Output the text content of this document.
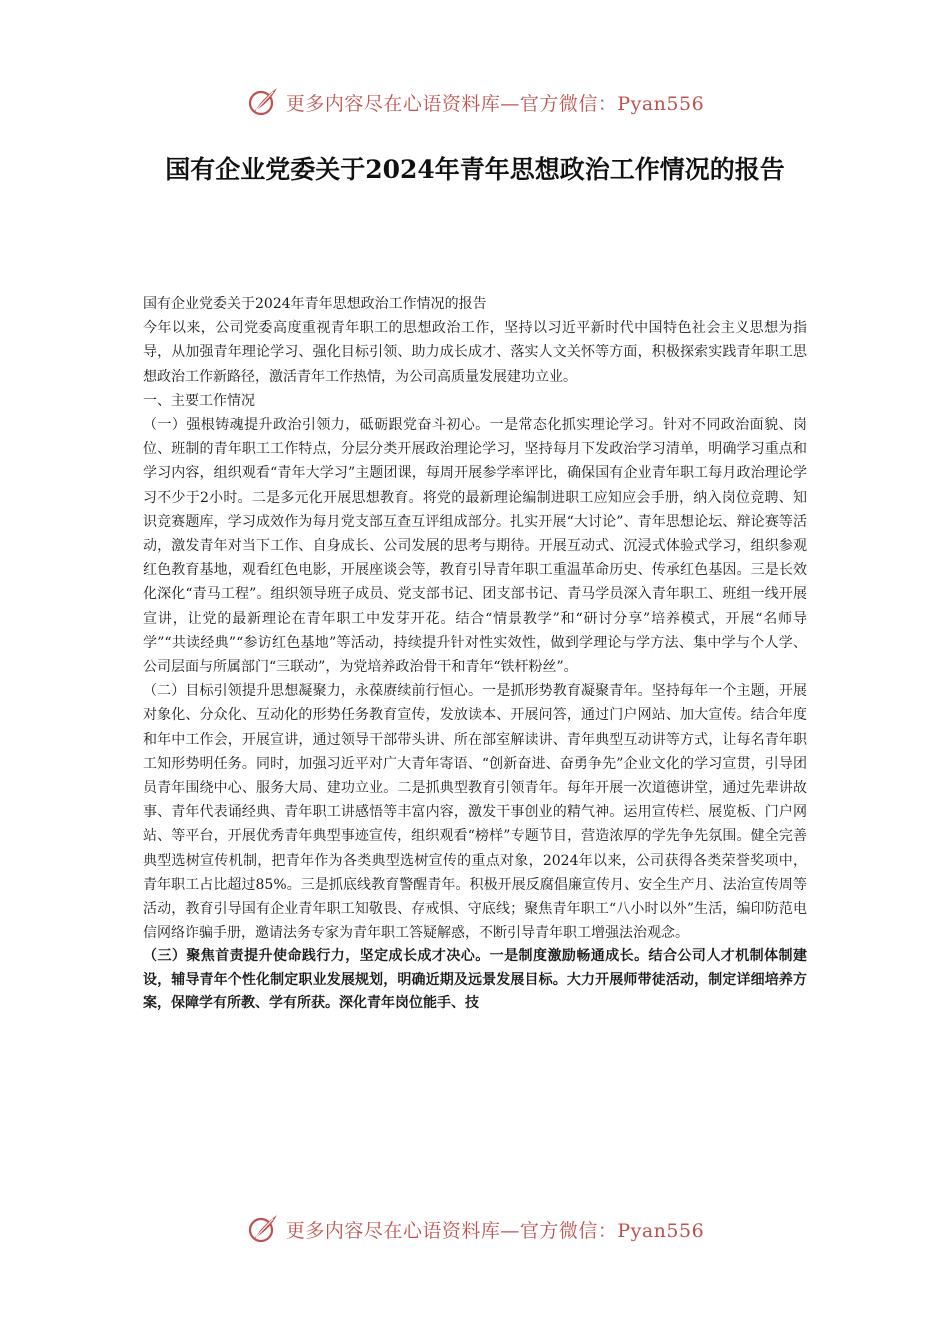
更多内容尽在心语资料库—官方微信：Pyan556
国有企业党委关于2024年青年思想政治工作情况的报告

国有企业党委关于2024年青年思想政治工作情况的报告

今年以来，公司党委高度重视青年职工的思想政治工作，坚持以习近平新时代中国特色社会主义思想为指导，从加强青年理论学习、强化目标引领、助力成长成才、落实人文关怀等方面，积极探索实践青年职工思想政治工作新路径，激活青年工作热情，为公司高质量发展建功立业。

一、主要工作情况

（一）强根铸魂提升政治引领力，砥砺跟党奋斗初心。一是常态化抓实理论学习。针对不同政治面貌、岗位、班制的青年职工工作特点，分层分类开展政治理论学习，坚持每月下发政治学习清单，明确学习重点和学习内容，组织观看“青年大学习”主题团课，每周开展参学率评比，确保国有企业青年职工每月政治理论学习不少于2小时。二是多元化开展思想教育。将党的最新理论编制进职工应知应会手册，纳入岗位竞聘、知识竞赛题库，学习成效作为每月党支部互查互评组成部分。扎实开展“大讨论”、青年思想论坛、辩论赛等活动，激发青年对当下工作、自身成长、公司发展的思考与期待。开展互动式、沉浸式体验式学习，组织参观红色教育基地，观看红色电影，开展座谈会等，教育引导青年职工重温革命历史、传承红色基因。三是长效化深化“青马工程”。组织领导班子成员、党支部书记、团支部书记、青马学员深入青年职工、班组一线开展宣讲，让党的最新理论在青年职工中发芽开花。结合“情景教学”和“研讨分享”培养模式，开展“名师导学”“共读经典”“参访红色基地”等活动，持续提升针对性实效性，做到学理论与学方法、集中学与个人学、公司层面与所属部门“三联动”，为党培养政治骨干和青年“铁杆粉丝”。

（二）目标引领提升思想凝聚力，永葆赓续前行恒心。一是抓形势教育凝聚青年。坚持每年一个主题，开展对象化、分众化、互动化的形势任务教育宣传，发放读本、开展问答，通过门户网站、加大宣传。结合年度和年中工作会，开展宣讲，通过领导干部带头讲、所在部室解读讲、青年典型互动讲等方式，让每名青年职工知形势明任务。同时，加强习近平对广大青年寄语、“创新奋进、奋勇争先”企业文化的学习宣贯，引导团员青年围绕中心、服务大局、建功立业。二是抓典型教育引领青年。每年开展一次道德讲堂，通过先辈讲故事、青年代表诵经典、青年职工讲感悟等丰富内容，激发干事创业的精气神。运用宣传栏、展览板、门户网站、等平台，开展优秀青年典型事迹宣传，组织观看“榜样”专题节目，营造浓厚的学先争先氛围。健全完善典型选树宣传机制，把青年作为各类典型选树宣传的重点对象，2024年以来，公司获得各类荣誉奖项中，青年职工占比超过85%。三是抓底线教育警醒青年。积极开展反腐倡廉宣传月、安全生产月、法治宣传周等活动，教育引导国有企业青年职工知敬畏、存戒惧、守底线；聚焦青年职工“八小时以外”生活，编印防范电信网络诈骗手册，邀请法务专家为青年职工答疑解惑，不断引导青年职工增强法治观念。

（三）聚焦首责提升使命践行力，坚定成长成才决心。一是制度激励畅通成长。结合公司人才机制体制建设，辅导青年个性化制定职业发展规划，明确近期及远景发展目标。大力开展师带徒活动，制定详细培养方案，保障学有所教、学有所获。深化青年岗位能手、技

更多内容尽在心语资料库—官方微信：Pyan556
